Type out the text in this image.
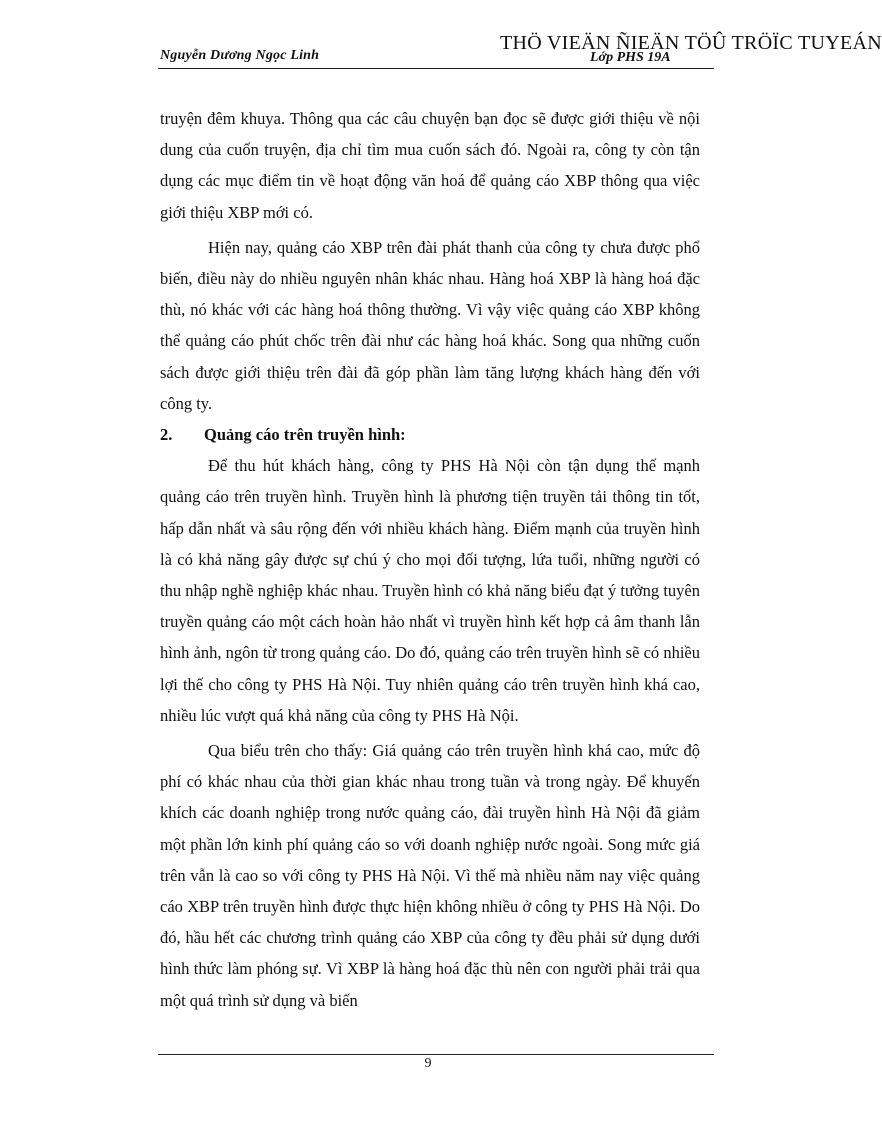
Nguyễn Dương Ngọc Linh	Lớp PHS 19A
THÖ VIEÄN ÑIEÄN TÖÛ TRÖÏC TUYEÁN

truyện đêm khuya. Thông qua các câu chuyện bạn đọc sẽ được giới thiệu về nội dung của cuốn truyện, địa chỉ tìm mua cuốn sách đó. Ngoài ra, công ty còn tận dụng các mục điểm tin về hoạt động văn hoá để quảng cáo XBP thông qua việc giới thiệu XBP mới có.

Hiện nay, quảng cáo XBP trên đài phát thanh của công ty chưa được phổ biến, điều này do nhiều nguyên nhân khác nhau. Hàng hoá XBP là hàng hoá đặc thù, nó khác với các hàng hoá thông thường. Vì vậy việc quảng cáo XBP không thể quảng cáo phút chốc trên đài như các hàng hoá khác. Song qua những cuốn sách được giới thiệu trên đài đã góp phần làm tăng lượng khách hàng đến với công ty.

2.	Quảng cáo trên truyền hình:

Để thu hút khách hàng, công ty PHS Hà Nội còn tận dụng thế mạnh quảng cáo trên truyền hình. Truyền hình là phương tiện truyền tải thông tin tốt, hấp dẫn nhất và sâu rộng đến với nhiều khách hàng. Điểm mạnh của truyền hình là có khả năng gây được sự chú ý cho mọi đối tượng, lứa tuổi, những người có thu nhập nghề nghiệp khác nhau. Truyền hình có khả năng biểu đạt ý tưởng tuyên truyền quảng cáo một cách hoàn hảo nhất vì truyền hình kết hợp cả âm thanh lẫn hình ảnh, ngôn từ trong quảng cáo. Do đó, quảng cáo trên truyền hình sẽ có nhiều lợi thế cho công ty PHS Hà Nội. Tuy nhiên quảng cáo trên truyền hình khá cao, nhiều lúc vượt quá khả năng của công ty PHS Hà Nội.

Qua biểu trên cho thấy: Giá quảng cáo trên truyền hình khá cao, mức độ phí có khác nhau của thời gian khác nhau trong tuần và trong ngày. Để khuyến khích các doanh nghiệp trong nước quảng cáo, đài truyền hình Hà Nội đã giảm một phần lớn kinh phí quảng cáo so với doanh nghiệp nước ngoài. Song mức giá trên vẫn là cao so với công ty PHS Hà Nội. Vì thế mà nhiều năm nay việc quảng cáo XBP trên truyền hình được thực hiện không nhiều ở công ty PHS Hà Nội. Do đó, hầu hết các chương trình quảng cáo XBP của công ty đều phải sử dụng dưới hình thức làm phóng sự. Vì XBP là hàng hoá đặc thù nên con người phải trải qua một quá trình sử dụng và biến

9
